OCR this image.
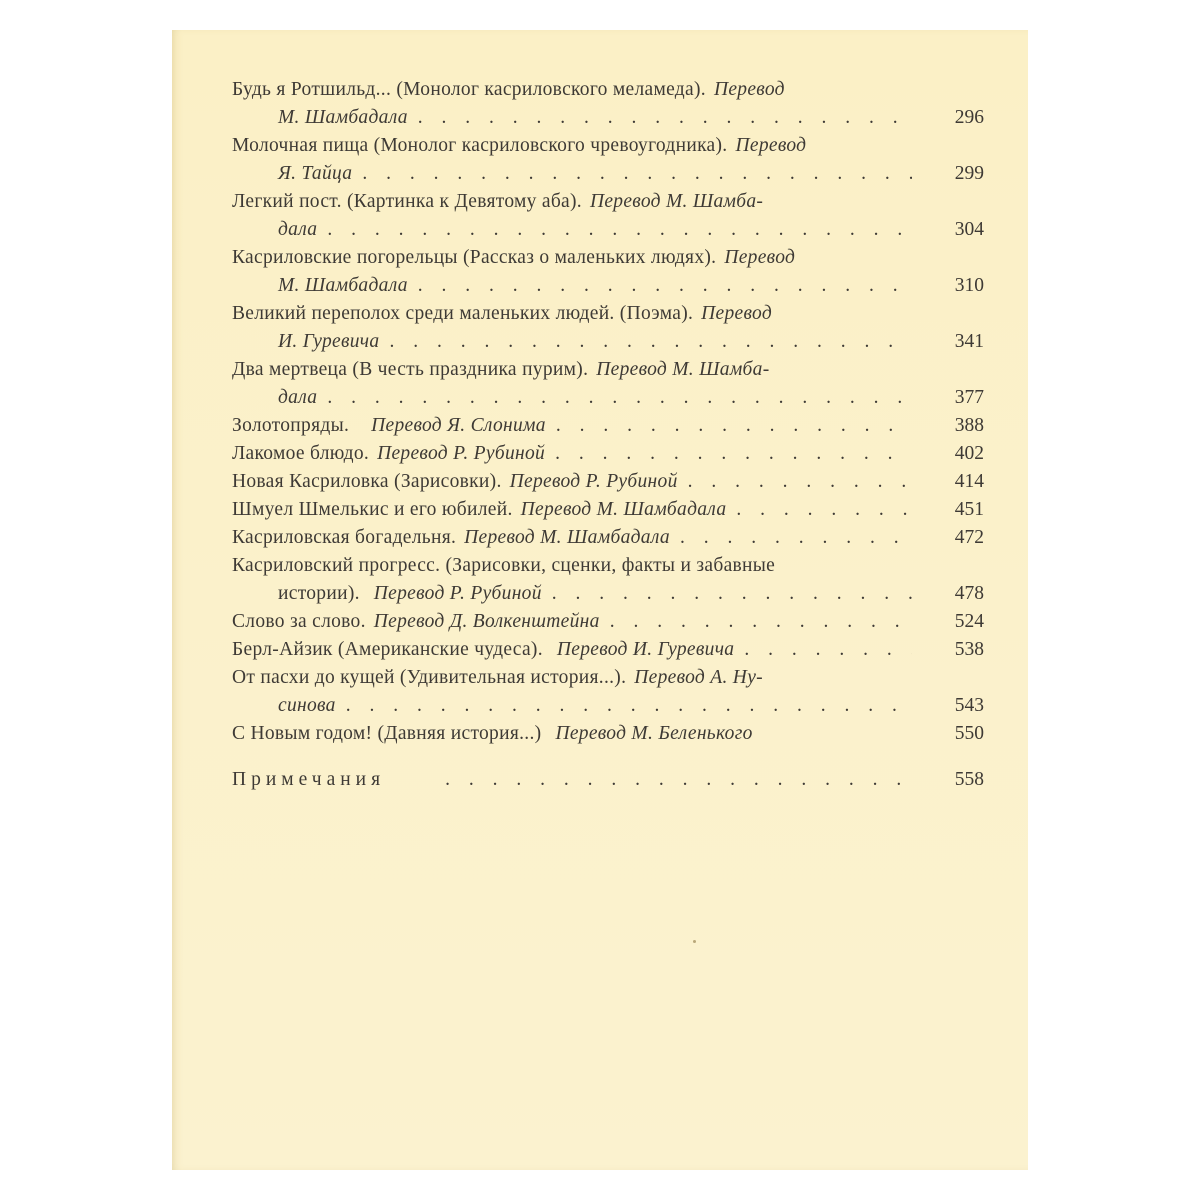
Будь я Ротшильд... (Монолог касриловского меламеда). Перевод
М. Шамбадала . . .	296
Молочная пища (Монолог касриловского чревоугодника). Перевод
Я. Тайца . . .	299
Легкий пост. (Картинка к Девятому аба). Перевод М. Шамба-
дала . . .	304
Касриловские погорельцы (Рассказ о маленьких людях). Перевод
М. Шамбадала . . .	310
Великий переполох среди маленьких людей. (Поэма). Перевод
И. Гуревича . . .	341
Два мертвеца (В честь праздника пурим). Перевод М. Шамба-
дала . . .	377
Золотопряды. Перевод Я. Слонима . . .	388
Лакомое блюдо. Перевод Р. Рубиной . . .	402
Новая Касриловка (Зарисовки). Перевод Р. Рубиной . . .	414
Шмуел Шмелькис и его юбилей. Перевод М. Шамбадала . . .	451
Касриловская богадельня. Перевод М. Шамбадала . . .	472
Касриловский прогресс. (Зарисовки, сценки, факты и забавные
истории). Перевод Р. Рубиной . . .	478
Слово за слово. Перевод Д. Волкенштейна . . .	524
Берл-Айзик (Американские чудеса). Перевод И. Гуревича . . .	538
От пасхи до кущей (Удивительная история...). Перевод А. Ну-
синова . . .	543
С Новым годом! (Давняя история...) Перевод М. Беленького	550
Примечания . . .	558
